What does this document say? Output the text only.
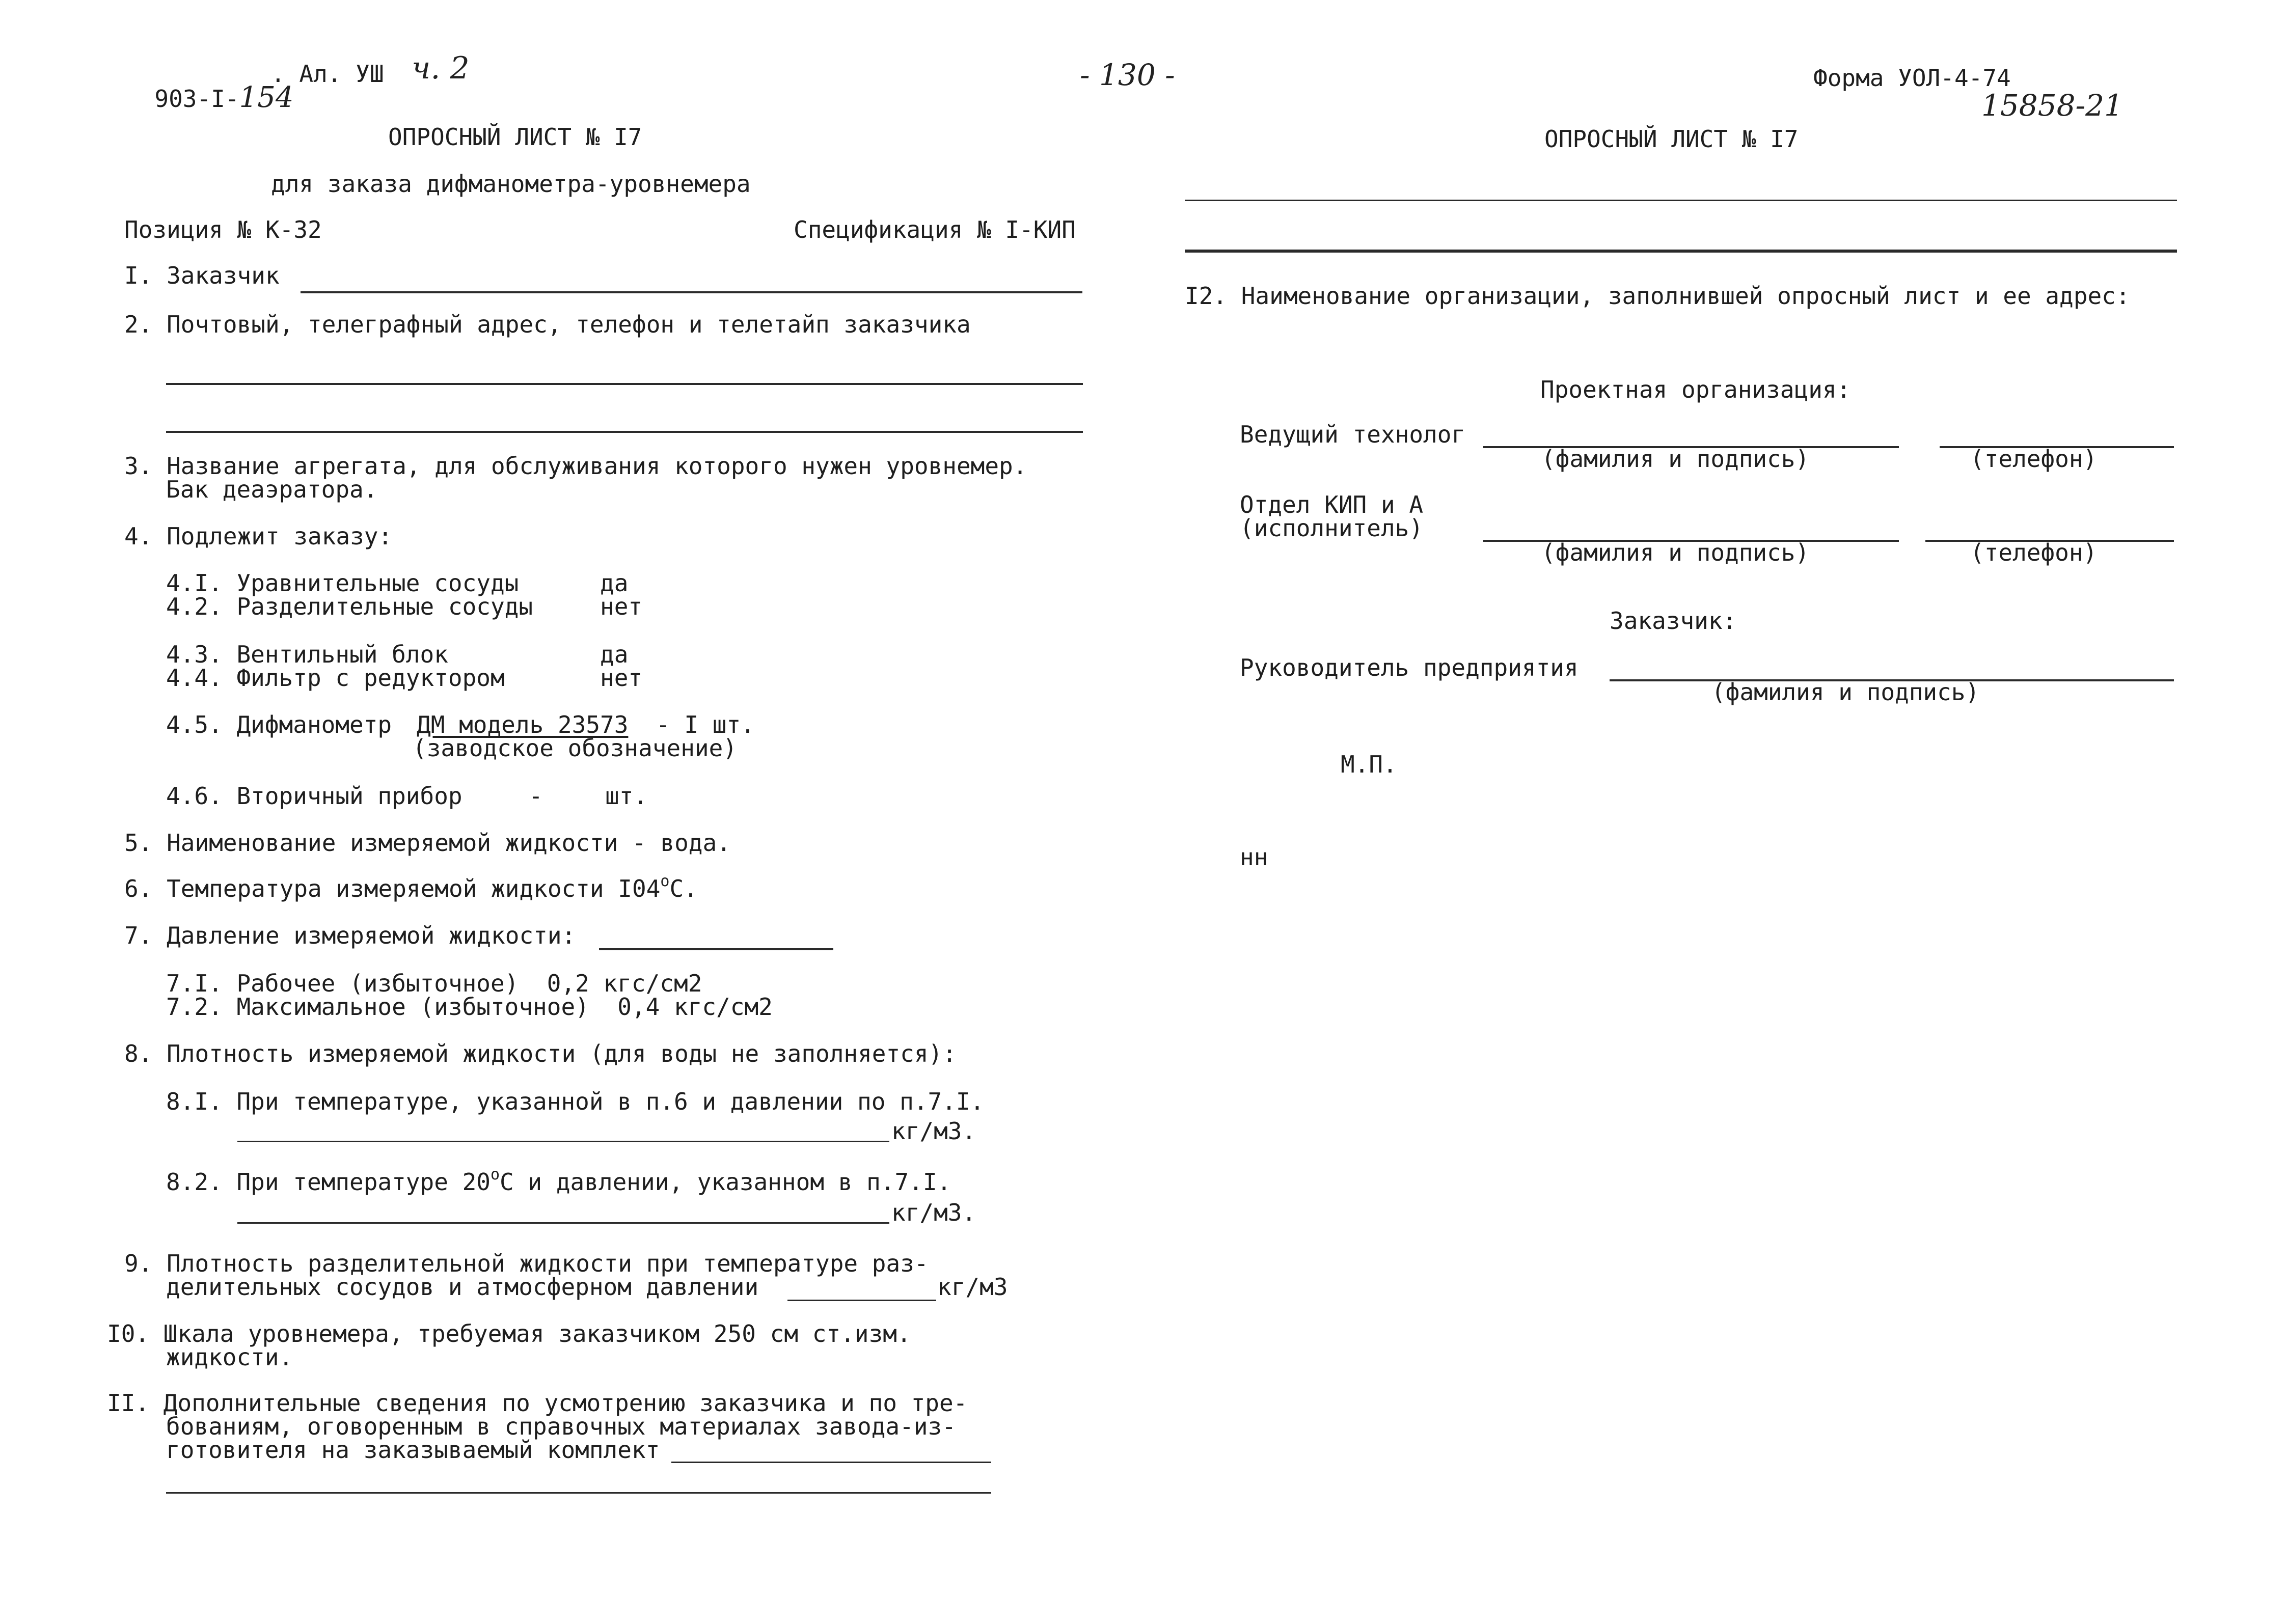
903-I-154

. Ал. УШ ч. 2	- 130 -	Форма УОЛ-4-74
15858-21
ОПРОСНЫЙ ЛИСТ № I7
для заказа дифманометра-уровнемера
Позиция № К-32	Спецификация № I-КИП
I. Заказчик
2. Почтовый, телеграфный адрес, телефон и телетайп заказчика
3. Название агрегата, для обслуживания которого нужен уровнемер.
Бак деаэратора.
4. Подлежит заказу:
4.I. Уравнительные сосуды	да
4.2. Разделительные сосуды	нет
4.3. Вентильный блок	да
4.4. Фильтр с редуктором	нет
4.5. Дифманометр ДМ модель 23573 - I шт.
(заводское обозначение)
4.6. Вторичный прибор	-	шт.
5. Наименование измеряемой жидкости - вода.
6. Температура измеряемой жидкости $I04^оС$.
7. Давление измеряемой жидкости:
7.I. Рабочее (избыточное)  0,2 кгс/см2
7.2. Максимальное (избыточное)  0,4 кгс/см2
8. Плотность измеряемой жидкости (для воды не заполняется):
8.I. При температуре, указанной в п.6 и давлении по п.7.I.
кг/м3.
8.2. При температуре $20^оС$ и давлении, указанном в п.7.I.
кг/м3.
9. Плотность разделительной жидкости при температуре раз-
делительных сосудов и атмосферном давлении	кг/м3
I0. Шкала уровнемера, требуемая заказчиком 250 см ст.изм.
жидкости.
II. Дополнительные сведения по усмотрению заказчика и по тре-
бованиям, оговоренным в справочных материалах завода-из-
готовителя на заказываемый комплект
ОПРОСНЫЙ ЛИСТ № I7
I2. Наименование организации, заполнившей опросный лист и ее адрес:
Проектная организация:
Ведущий технолог
(фамилия и подпись)	(телефон)
Отдел КИП и А
(исполнитель)
(фамилия и подпись)	(телефон)
Заказчик:
Руководитель предприятия
(фамилия и подпись)
М.П.
нн
